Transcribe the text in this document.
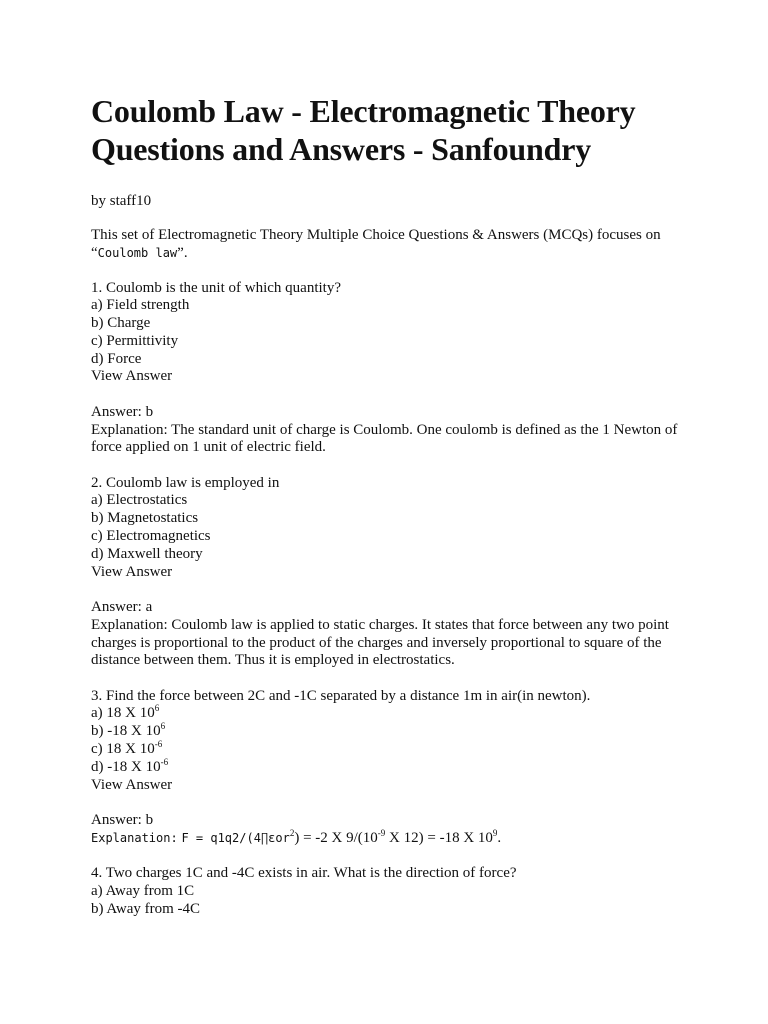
Coulomb Law - Electromagnetic Theory
Questions and Answers - Sanfoundry
by staff10
This set of Electromagnetic Theory Multiple Choice Questions & Answers (MCQs) focuses on
“Coulomb law”.
1. Coulomb is the unit of which quantity?
a) Field strength
b) Charge
c) Permittivity
d) Force
View Answer
Answer: b
Explanation: The standard unit of charge is Coulomb. One coulomb is defined as the 1 Newton of force applied on 1 unit of electric field.
2. Coulomb law is employed in
a) Electrostatics
b) Magnetostatics
c) Electromagnetics
d) Maxwell theory
View Answer
Answer: a
Explanation: Coulomb law is applied to static charges. It states that force between any two point charges is proportional to the product of the charges and inversely proportional to square of the distance between them. Thus it is employed in electrostatics.
3. Find the force between 2C and -1C separated by a distance 1m in air(in newton).
a) 18 X $10^6$
b) -18 X $10^6$
c) 18 X $10^{-6}$
d) -18 X $10^{-6}$
View Answer
Answer: b
Explanation: F = q1q2/(4∏εor$^2$) = -2 X $9/(10^{-9}$ X 12) = -18 X $10^9$.
4. Two charges 1C and -4C exists in air. What is the direction of force?
a) Away from 1C
b) Away from -4C
